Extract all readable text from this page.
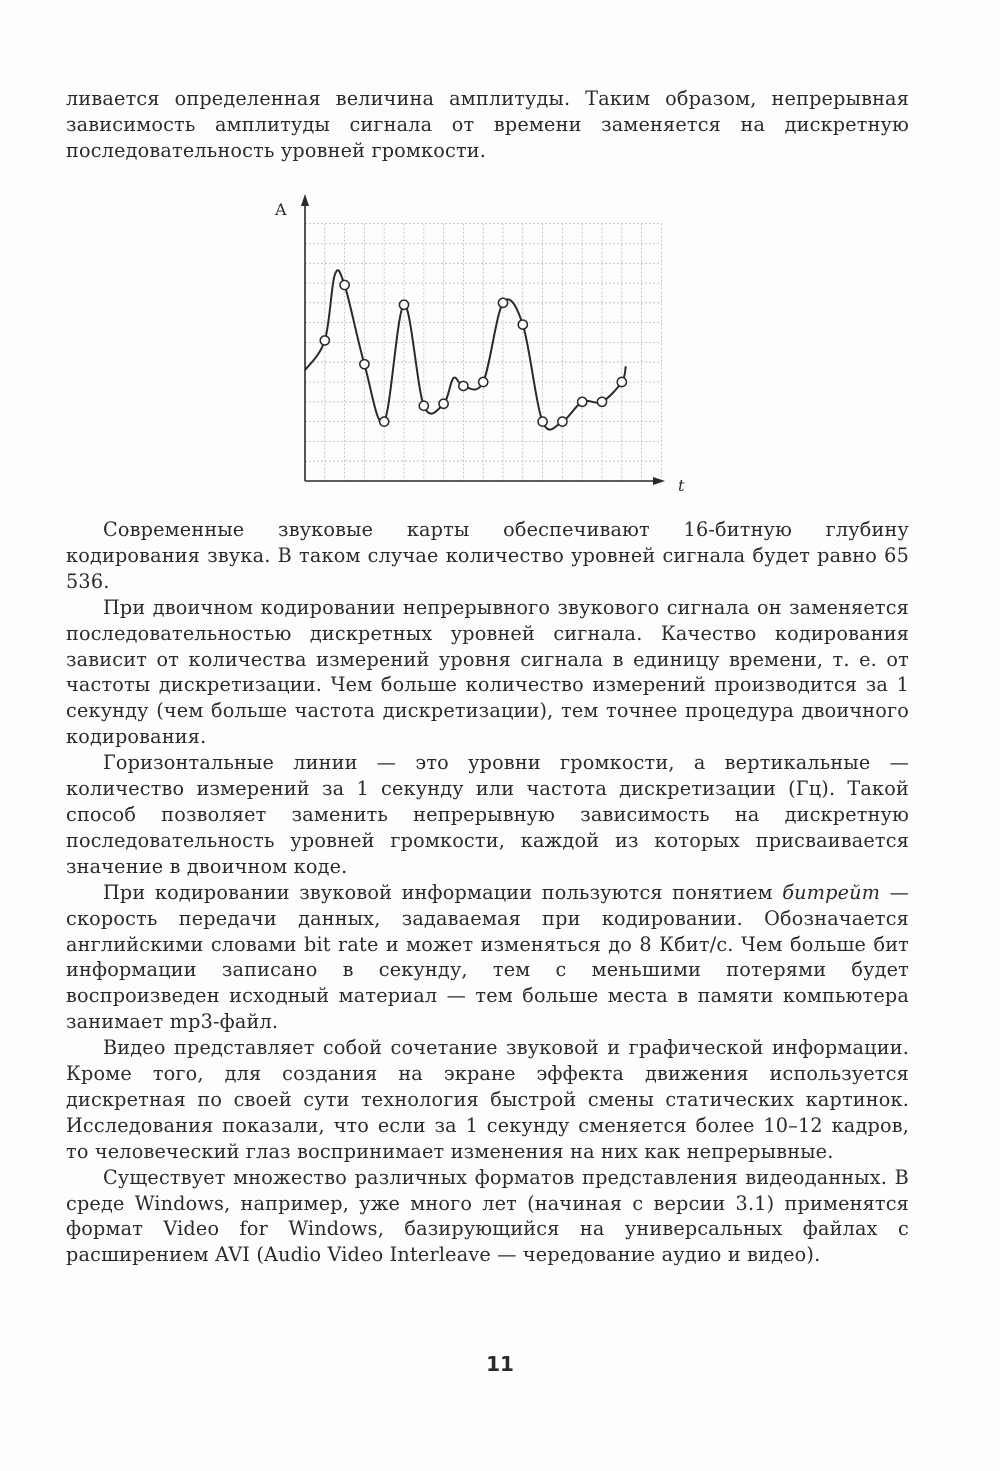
ливается определенная величина амплитуды. Таким образом, непрерывная зависимость амплитуды сигнала от времени заменяется на дискретную последовательность уровней громкости.

A
t

Современные звуковые карты обеспечивают 16-битную глубину кодирования звука. В таком случае количество уровней сигнала будет равно 65 536.

При двоичном кодировании непрерывного звукового сигнала он заменяется последовательностью дискретных уровней сигнала. Качество кодирования зависит от количества измерений уровня сигнала в единицу времени, т. е. от частоты дискретизации. Чем больше количество измерений производится за 1 секунду (чем больше частота дискретизации), тем точнее процедура двоичного кодирования.

Горизонтальные линии — это уровни громкости, а вертикальные — количество измерений за 1 секунду или частота дискретизации (Гц). Такой способ позволяет заменить непрерывную зависимость на дискретную последовательность уровней громкости, каждой из которых присваивается значение в двоичном коде.

При кодировании звуковой информации пользуются понятием битрейт — скорость передачи данных, задаваемая при кодировании. Обозначается английскими словами bit rate и может изменяться до 8 Кбит/с. Чем больше бит информации записано в секунду, тем с меньшими потерями будет воспроизведен исходный материал — тем больше места в памяти компьютера занимает mp3-файл.

Видео представляет собой сочетание звуковой и графической информации. Кроме того, для создания на экране эффекта движения используется дискретная по своей сути технология быстрой смены статических картинок. Исследования показали, что если за 1 секунду сменяется более 10–12 кадров, то человеческий глаз воспринимает изменения на них как непрерывные.

Существует множество различных форматов представления видеоданных. В среде Windows, например, уже много лет (начиная с версии 3.1) применятся формат Video for Windows, базирующийся на универсальных файлах с расширением AVI (Audio Video Interleave — чередование аудио и видео).

11
